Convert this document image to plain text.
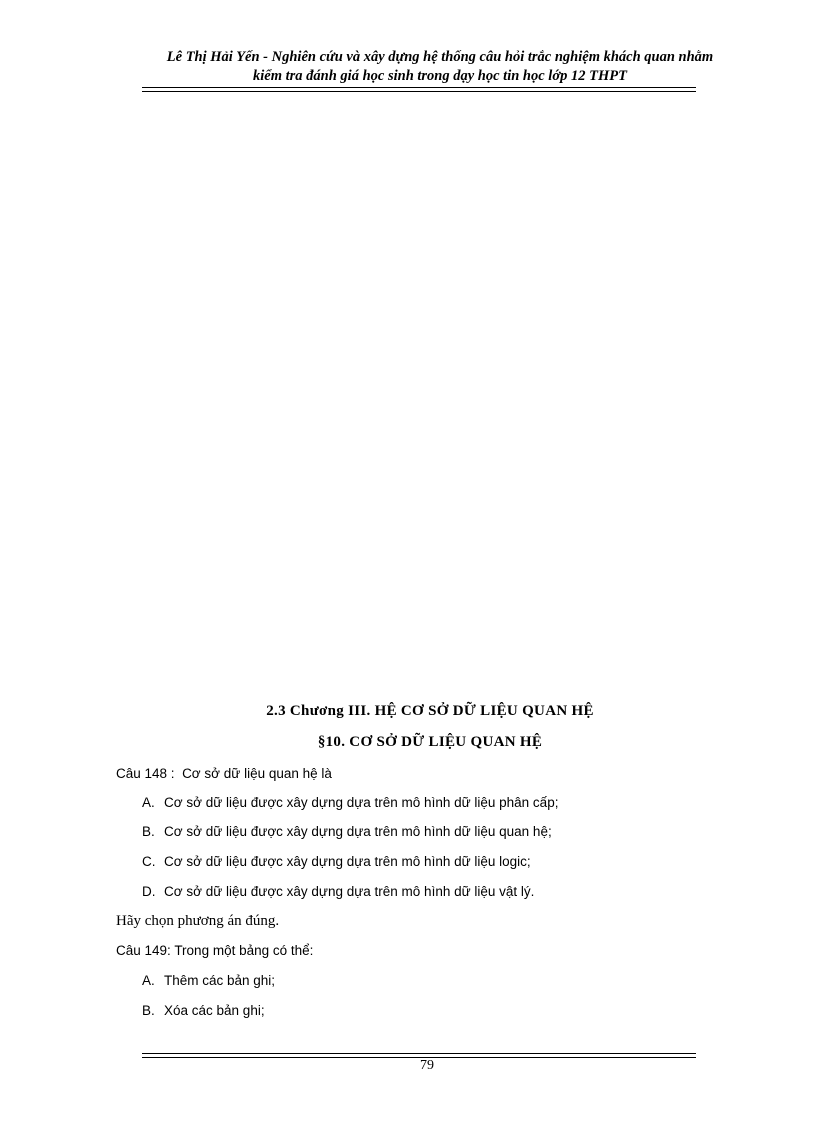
Lê Thị Hải Yến - Nghiên cứu và xây dựng hệ thống câu hỏi trắc nghiệm khách quan nhằm
kiểm tra đánh giá học sinh trong dạy học tin học lớp 12 THPT
2.3 Chương III. HỆ CƠ SỞ DỮ LIỆU QUAN HỆ
§10. CƠ SỞ DỮ LIỆU QUAN HỆ
Câu 148 : Cơ sở dữ liệu quan hệ là
A. Cơ sở dữ liệu được xây dựng dựa trên mô hình dữ liệu phân cấp;
B. Cơ sở dữ liệu được xây dựng dựa trên mô hình dữ liệu quan hệ;
C. Cơ sở dữ liệu được xây dựng dựa trên mô hình dữ liệu logic;
D. Cơ sở dữ liệu được xây dựng dựa trên mô hình dữ liệu vật lý.
Hãy chọn phương án đúng.
Câu 149: Trong một bảng có thể:
A. Thêm các bản ghi;
B. Xóa các bản ghi;
79
